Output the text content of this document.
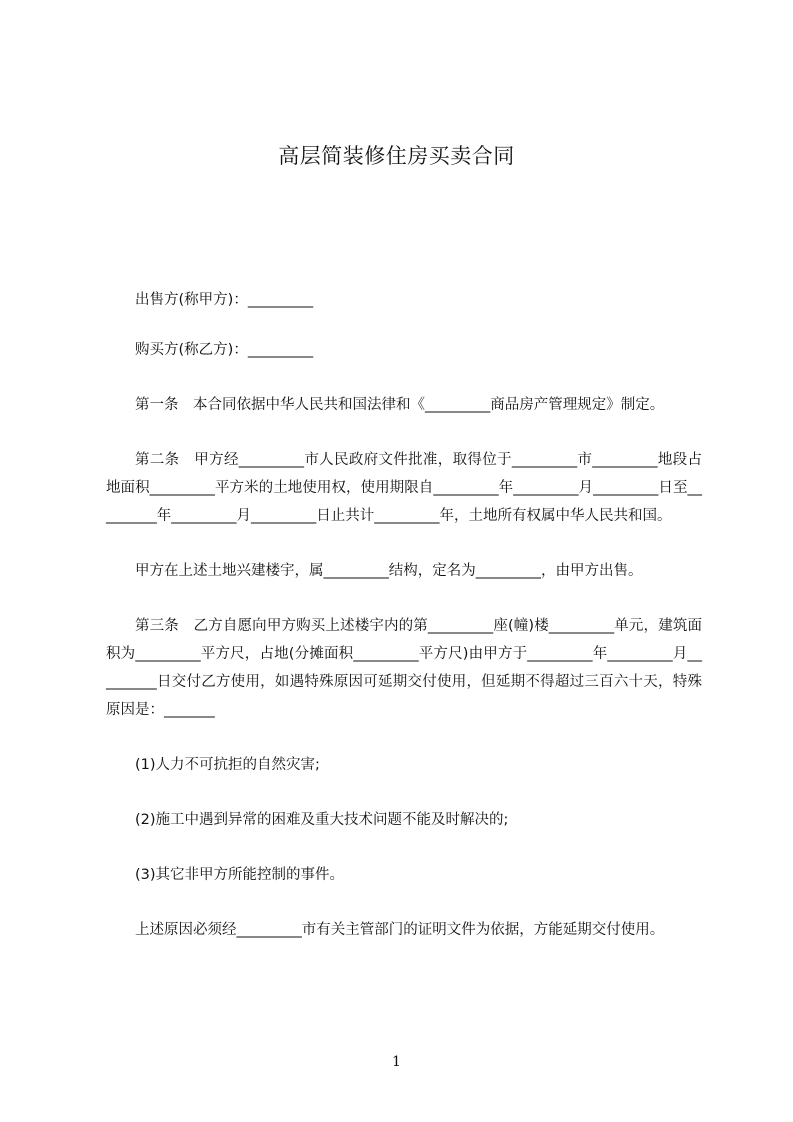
高层简装修住房买卖合同

出售方(称甲方)：_________

购买方(称乙方)：_________

第一条　本合同依据中华人民共和国法律和《_________商品房产管理规定》制定。

第二条　甲方经_________市人民政府文件批准，取得位于_________市_________地段占地面积_________平方米的土地使用权，使用期限自_________年_________月_________日至_________年_________月_________日止共计_________年，土地所有权属中华人民共和国。

甲方在上述土地兴建楼宇，属_________结构，定名为_________，由甲方出售。

第三条　乙方自愿向甲方购买上述楼宇内的第_________座(幢)楼_________单元，建筑面积为_________平方尺，占地(分摊面积_________平方尺)由甲方于_________年_________月_________日交付乙方使用，如遇特殊原因可延期交付使用，但延期不得超过三百六十天，特殊原因是：_______

(1)人力不可抗拒的自然灾害;

(2)施工中遇到异常的困难及重大技术问题不能及时解决的;

(3)其它非甲方所能控制的事件。

上述原因必须经_________市有关主管部门的证明文件为依据，方能延期交付使用。

1
